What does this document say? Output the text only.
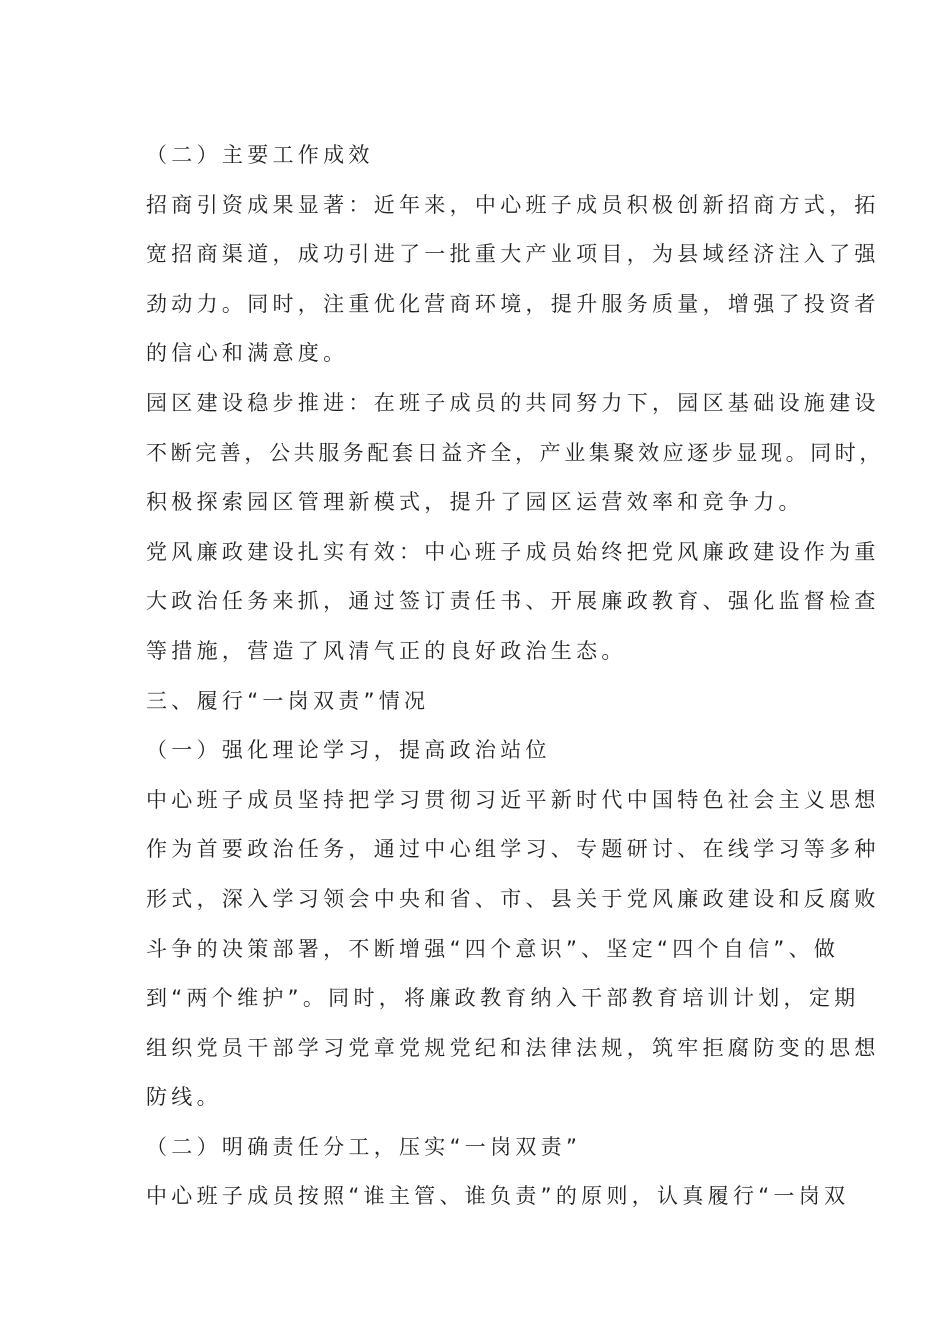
（二）主要工作成效
招商引资成果显著：近年来，中心班子成员积极创新招商方式，拓
宽招商渠道，成功引进了一批重大产业项目，为县域经济注入了强
劲动力。同时，注重优化营商环境，提升服务质量，增强了投资者
的信心和满意度。
园区建设稳步推进：在班子成员的共同努力下，园区基础设施建设
不断完善，公共服务配套日益齐全，产业集聚效应逐步显现。同时，
积极探索园区管理新模式，提升了园区运营效率和竞争力。
党风廉政建设扎实有效：中心班子成员始终把党风廉政建设作为重
大政治任务来抓，通过签订责任书、开展廉政教育、强化监督检查
等措施，营造了风清气正的良好政治生态。
三、履行“一岗双责”情况
（一）强化理论学习，提高政治站位
中心班子成员坚持把学习贯彻习近平新时代中国特色社会主义思想
作为首要政治任务，通过中心组学习、专题研讨、在线学习等多种
形式，深入学习领会中央和省、市、县关于党风廉政建设和反腐败
斗争的决策部署，不断增强“四个意识”、坚定“四个自信”、做
到“两个维护”。同时，将廉政教育纳入干部教育培训计划，定期
组织党员干部学习党章党规党纪和法律法规，筑牢拒腐防变的思想
防线。
（二）明确责任分工，压实“一岗双责”
中心班子成员按照“谁主管、谁负责”的原则，认真履行“一岗双
